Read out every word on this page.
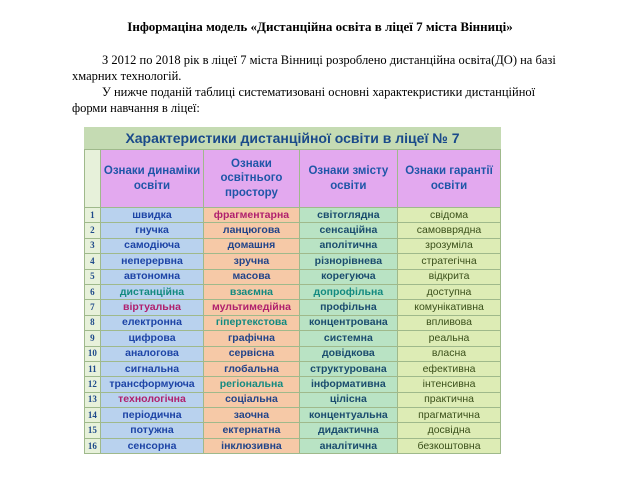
Інформаціна модель «Дистанційна освіта в ліцеї 7 міста Вінниці»

З 2012 по 2018 рік в ліцеї 7 міста Вінниці розроблено дистанційна освіта(ДО) на базі хмарних технологій.

У нижче поданій таблиці систематизовані основні характекристики дистанційної форми навчання в ліцеї:

Характеристики дистанційної освіти в ліцеї № 7
	Ознаки динаміки освіти	Ознаки освітнього простору	Ознаки змісту освіти	Ознаки гарантії освіти
1	швидка	фрагментарна	світоглядна	свідома
2	гнучка	ланцюгова	сенсаційна	самовврядна
3	самодіюча	домашня	аполітична	зрозуміла
4	неперервна	зручна	різнорівнева	стратегічна
5	автономна	масова	корегуюча	відкрита
6	дистанційна	взаємна	допрофільна	доступна
7	віртуальна	мультимедійна	профільна	комунікативна
8	електронна	гіпертекстова	концентрована	впливова
9	цифрова	графічна	системна	реальна
10	аналогова	сервісна	довідкова	власна
11	сигнальна	глобальна	структурована	ефективна
12	трансформуюча	регіональна	інформативна	інтенсивна
13	технологічна	соціальна	цілісна	практична
14	періодична	заочна	концентуальна	прагматична
15	потужна	ектернатна	дидактична	досвідна
16	сенсорна	інклюзивна	аналітична	безкоштовна
